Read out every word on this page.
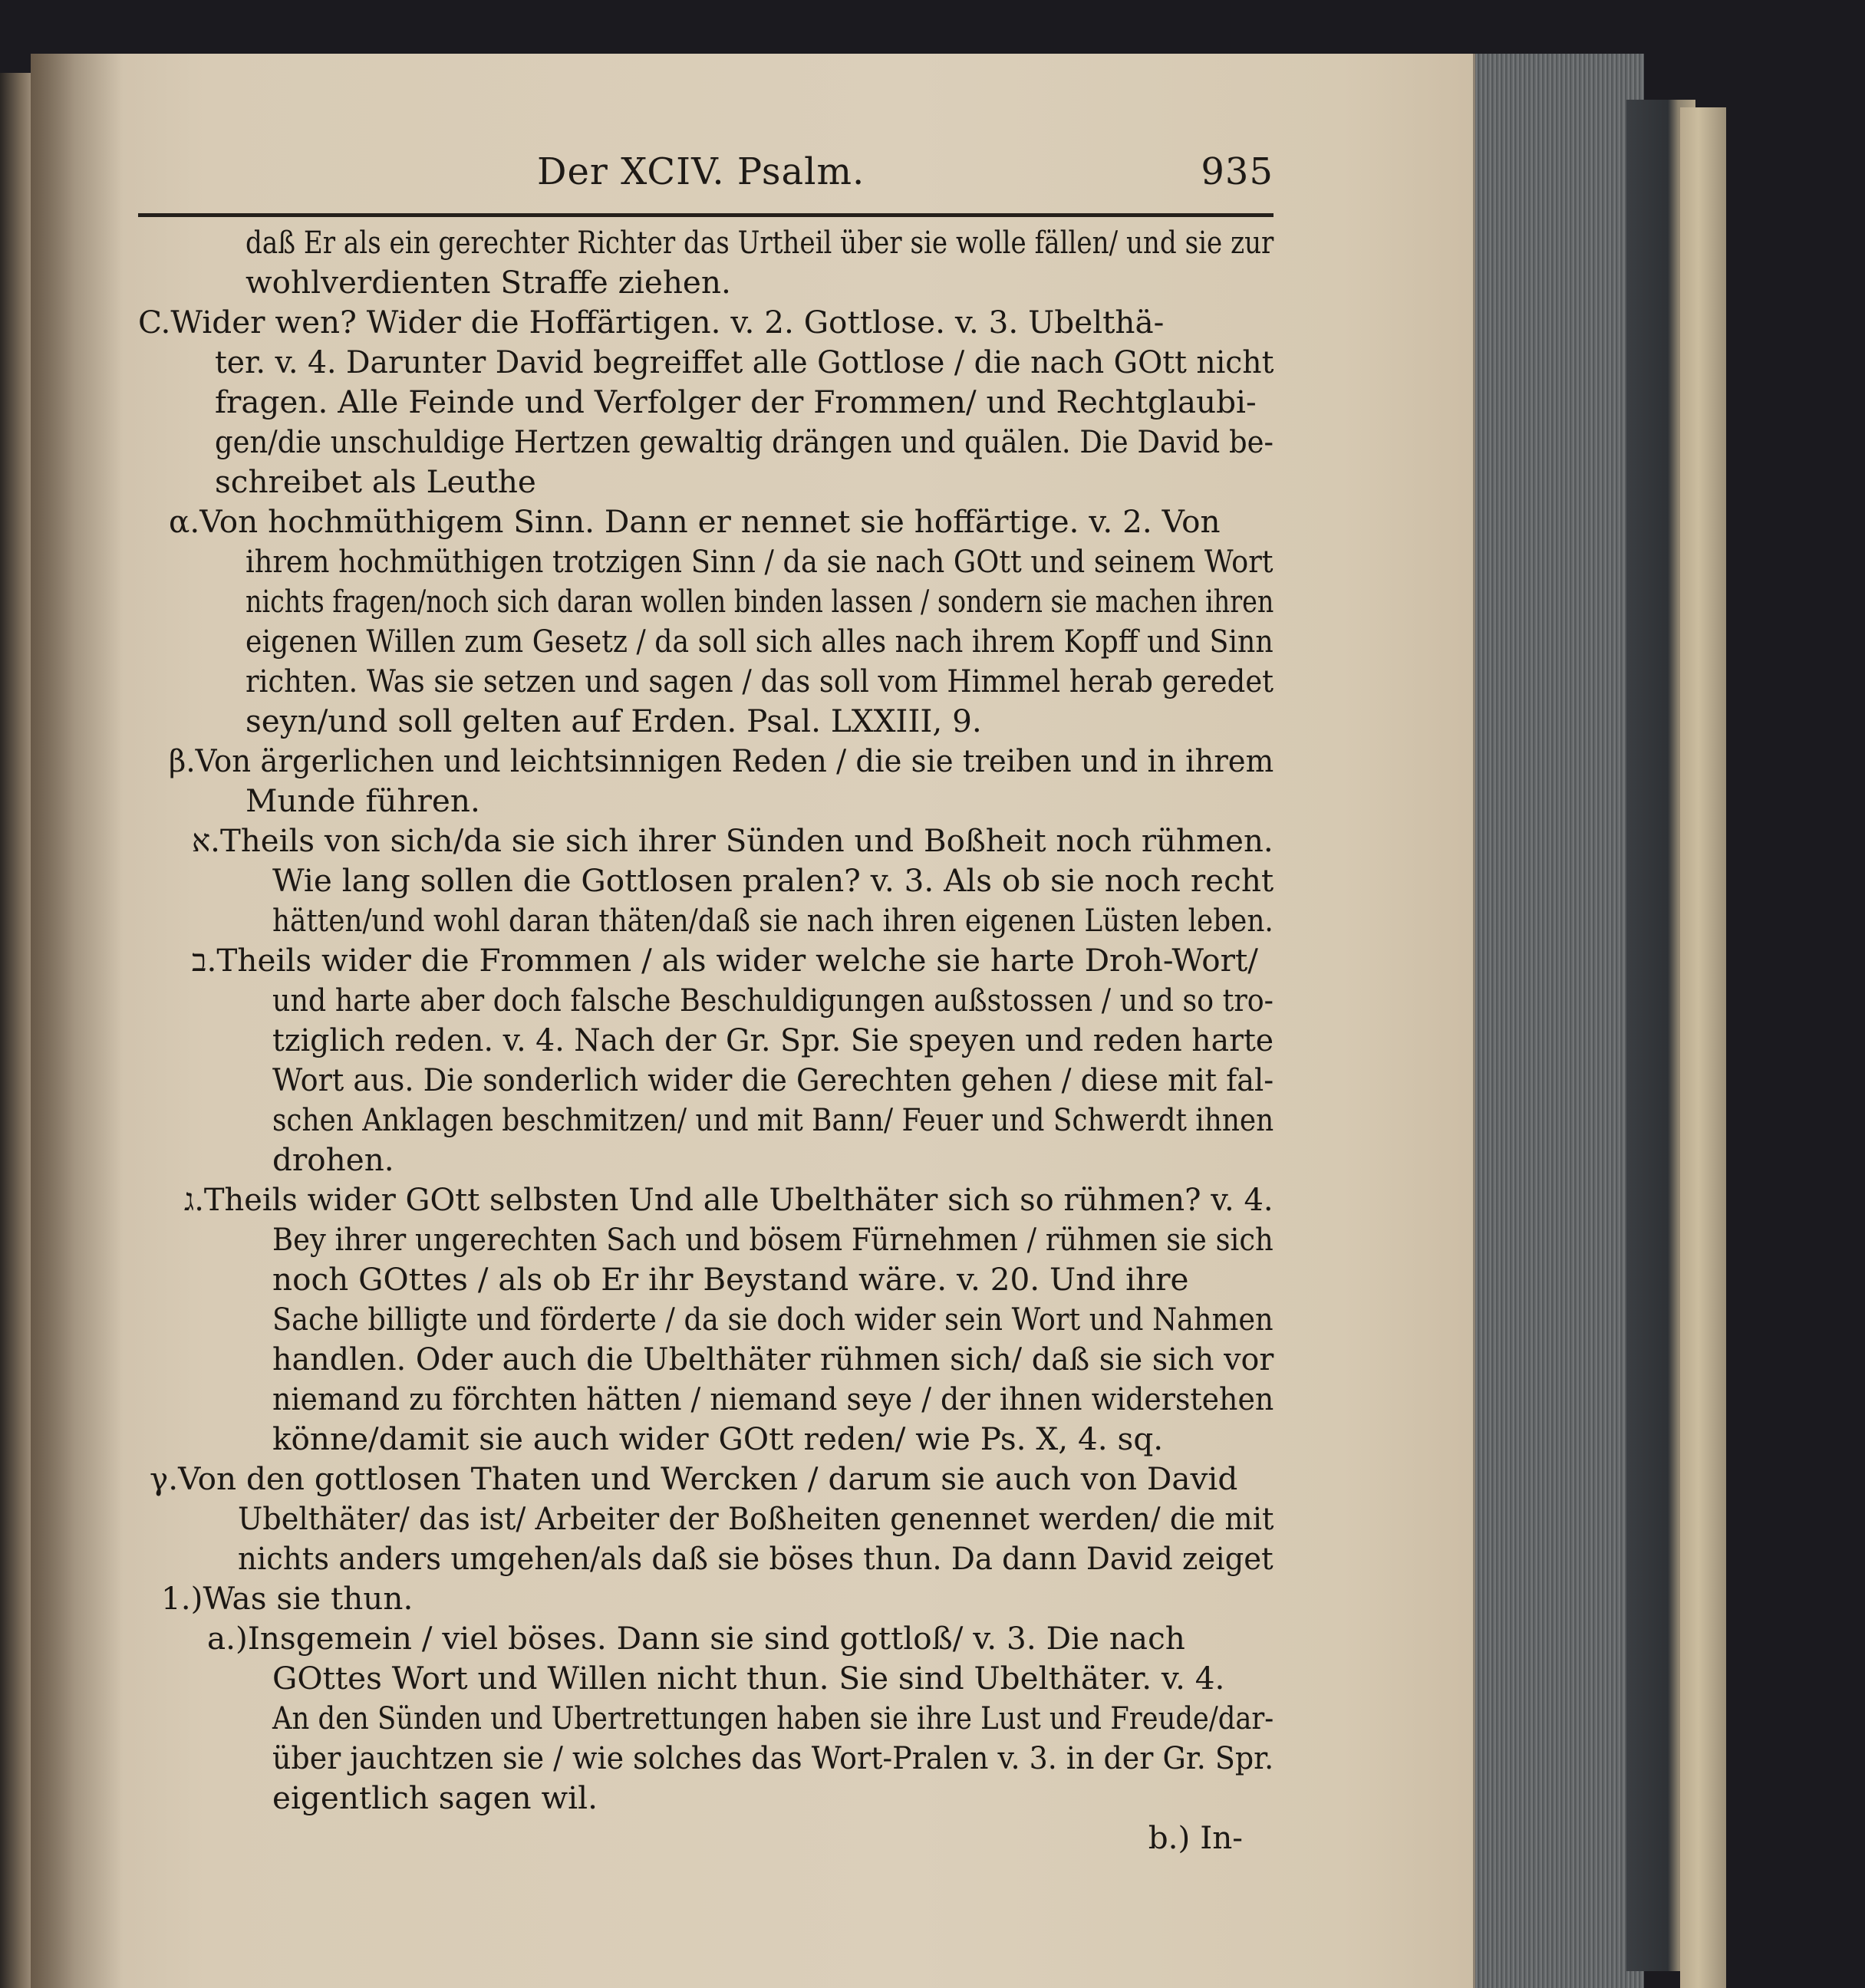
Der XCIV. Psalm.	935
daß Er als ein gerechter Richter das Urtheil über sie wolle fällen/ und sie zur
wohlverdienten Straffe ziehen.
C.Wider wen? Wider die Hoffärtigen. v. 2. Gottlose. v. 3. Ubelthä-
ter. v. 4. Darunter David begreiffet alle Gottlose / die nach GOtt nicht
fragen. Alle Feinde und Verfolger der Frommen/ und Rechtglaubi-
gen/die unschuldige Hertzen gewaltig drängen und quälen. Die David be-
schreibet als Leuthe
α.Von hochmüthigem Sinn. Dann er nennet sie hoffärtige. v. 2. Von
ihrem hochmüthigen trotzigen Sinn / da sie nach GOtt und seinem Wort
nichts fragen/noch sich daran wollen binden lassen / sondern sie machen ihren
eigenen Willen zum Gesetz / da soll sich alles nach ihrem Kopff und Sinn
richten. Was sie setzen und sagen / das soll vom Himmel herab geredet
seyn/und soll gelten auf Erden. Psal. LXXIII, 9.
β.Von ärgerlichen und leichtsinnigen Reden / die sie treiben und in ihrem
Munde führen.
א.Theils von sich/da sie sich ihrer Sünden und Boßheit noch rühmen.
Wie lang sollen die Gottlosen pralen? v. 3. Als ob sie noch recht
hätten/und wohl daran thäten/daß sie nach ihren eigenen Lüsten leben.
ב.Theils wider die Frommen / als wider welche sie harte Droh-Wort/
und harte aber doch falsche Beschuldigungen außstossen / und so tro-
tziglich reden. v. 4. Nach der Gr. Spr. Sie speyen und reden harte
Wort aus. Die sonderlich wider die Gerechten gehen / diese mit fal-
schen Anklagen beschmitzen/ und mit Bann/ Feuer und Schwerdt ihnen
drohen.
ג.Theils wider GOtt selbsten Und alle Ubelthäter sich so rühmen? v. 4.
Bey ihrer ungerechten Sach und bösem Fürnehmen / rühmen sie sich
noch GOttes / als ob Er ihr Beystand wäre. v. 20. Und ihre
Sache billigte und förderte / da sie doch wider sein Wort und Nahmen
handlen. Oder auch die Ubelthäter rühmen sich/ daß sie sich vor
niemand zu förchten hätten / niemand seye / der ihnen widerstehen
könne/damit sie auch wider GOtt reden/ wie Ps. X, 4. sq.
γ.Von den gottlosen Thaten und Wercken / darum sie auch von David
Ubelthäter/ das ist/ Arbeiter der Boßheiten genennet werden/ die mit
nichts anders umgehen/als daß sie böses thun. Da dann David zeiget
1.)Was sie thun.
a.)Insgemein / viel böses. Dann sie sind gottloß/ v. 3. Die nach
GOttes Wort und Willen nicht thun. Sie sind Ubelthäter. v. 4.
An den Sünden und Ubertrettungen haben sie ihre Lust und Freude/dar-
über jauchtzen sie / wie solches das Wort-Pralen v. 3. in der Gr. Spr.
eigentlich sagen wil.
b.) In-
